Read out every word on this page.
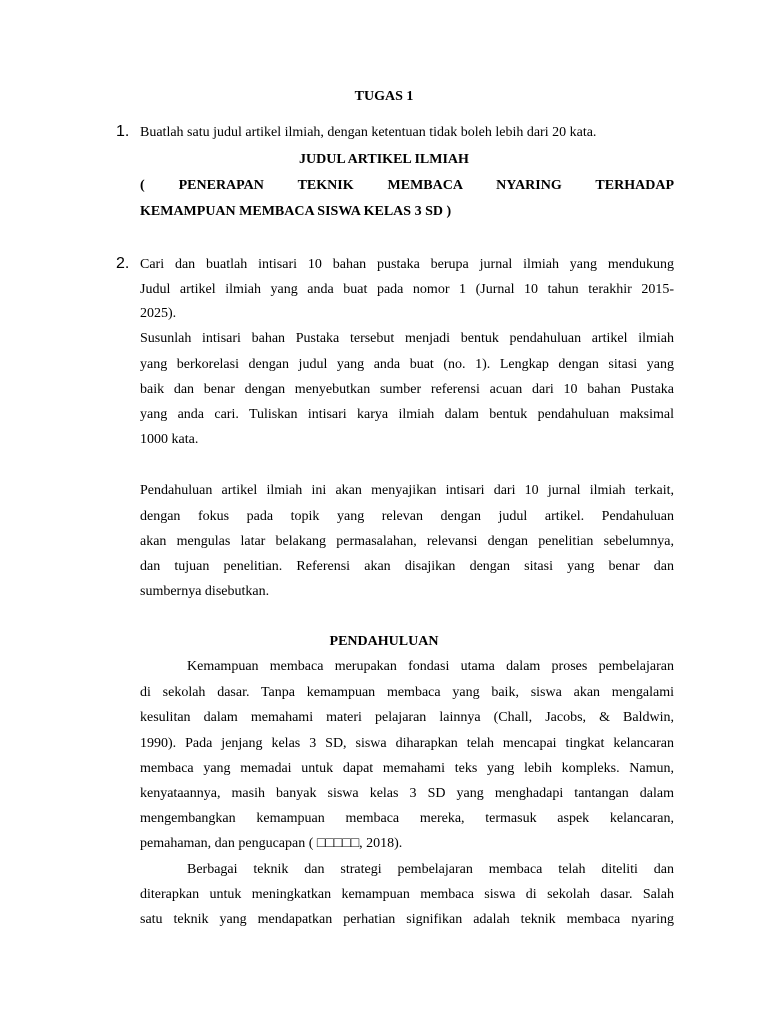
TUGAS 1
1. Buatlah satu judul artikel ilmiah, dengan ketentuan tidak boleh lebih dari 20 kata.
JUDUL ARTIKEL ILMIAH
( PENERAPAN TEKNIK MEMBACA NYARING TERHADAP
KEMAMPUAN MEMBACA SISWA KELAS 3 SD )
2. Cari dan buatlah intisari 10 bahan pustaka berupa jurnal ilmiah yang mendukung
Judul artikel ilmiah yang anda buat pada nomor 1 (Jurnal 10 tahun terakhir 2015-
2025).
Susunlah intisari bahan Pustaka tersebut menjadi bentuk pendahuluan artikel ilmiah
yang berkorelasi dengan judul yang anda buat (no. 1). Lengkap dengan sitasi yang
baik dan benar dengan menyebutkan sumber referensi acuan dari 10 bahan Pustaka
yang anda cari. Tuliskan intisari karya ilmiah dalam bentuk pendahuluan maksimal
1000 kata.
Pendahuluan artikel ilmiah ini akan menyajikan intisari dari 10 jurnal ilmiah terkait,
dengan fokus pada topik yang relevan dengan judul artikel. Pendahuluan
akan mengulas latar belakang permasalahan, relevansi dengan penelitian sebelumnya,
dan tujuan penelitian. Referensi akan disajikan dengan sitasi yang benar dan
sumbernya disebutkan.
PENDAHULUAN
Kemampuan membaca merupakan fondasi utama dalam proses pembelajaran
di sekolah dasar. Tanpa kemampuan membaca yang baik, siswa akan mengalami
kesulitan dalam memahami materi pelajaran lainnya (Chall, Jacobs, & Baldwin,
1990). Pada jenjang kelas 3 SD, siswa diharapkan telah mencapai tingkat kelancaran
membaca yang memadai untuk dapat memahami teks yang lebih kompleks. Namun,
kenyataannya, masih banyak siswa kelas 3 SD yang menghadapi tantangan dalam
mengembangkan kemampuan membaca mereka, termasuk aspek kelancaran,
pemahaman, dan pengucapan ( □□□□□, 2018).
Berbagai teknik dan strategi pembelajaran membaca telah diteliti dan
diterapkan untuk meningkatkan kemampuan membaca siswa di sekolah dasar. Salah
satu teknik yang mendapatkan perhatian signifikan adalah teknik membaca nyaring
